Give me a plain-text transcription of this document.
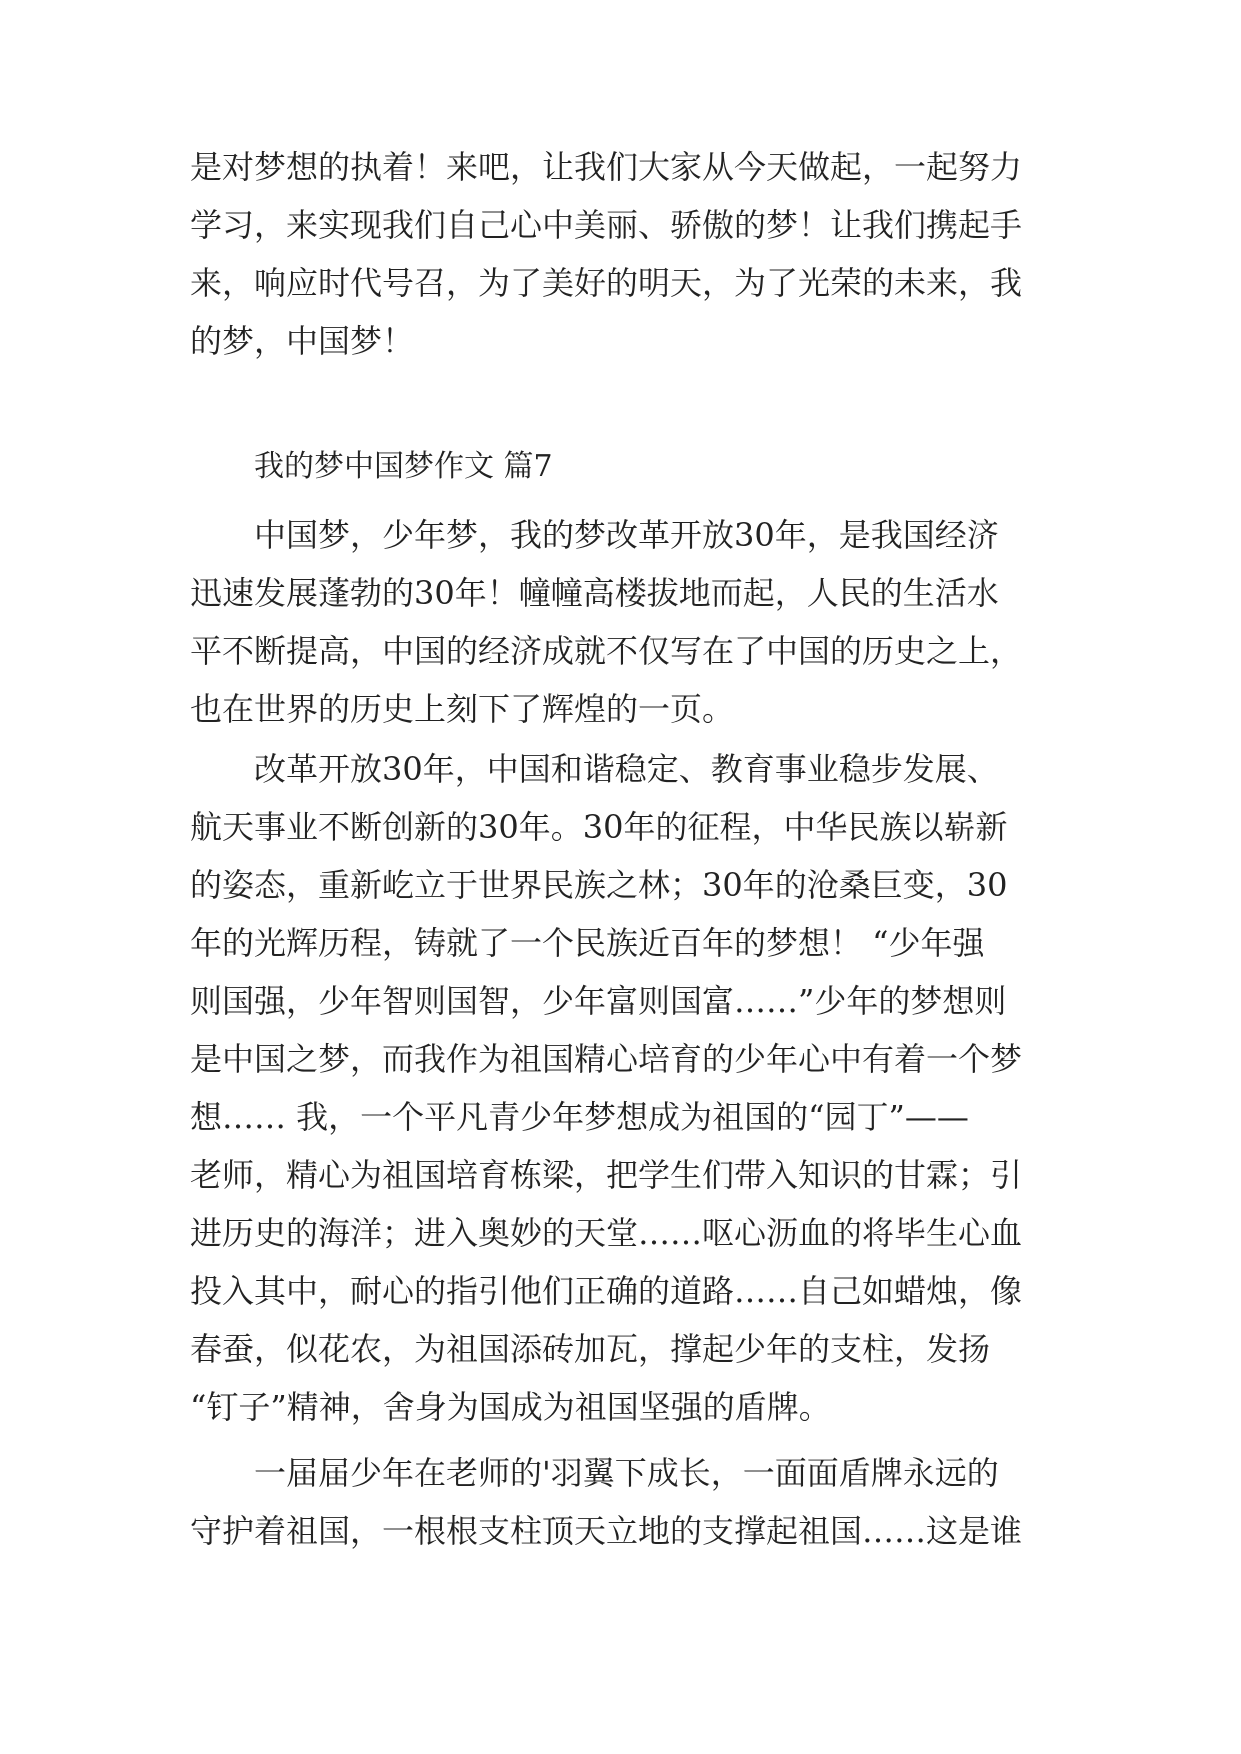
是对梦想的执着！来吧，让我们大家从今天做起，一起努力
学习，来实现我们自己心中美丽、骄傲的梦！让我们携起手
来，响应时代号召，为了美好的明天，为了光荣的未来，我
的梦，中国梦！
我的梦中国梦作文 篇7
中国梦，少年梦，我的梦改革开放30年，是我国经济
迅速发展蓬勃的30年！幢幢高楼拔地而起，人民的生活水
平不断提高，中国的经济成就不仅写在了中国的历史之上，
也在世界的历史上刻下了辉煌的一页。
改革开放30年，中国和谐稳定、教育事业稳步发展、
航天事业不断创新的30年。30年的征程，中华民族以崭新
的姿态，重新屹立于世界民族之林；30年的沧桑巨变，30
年的光辉历程，铸就了一个民族近百年的梦想！ “少年强
则国强，少年智则国智，少年富则国富……”少年的梦想则
是中国之梦，而我作为祖国精心培育的少年心中有着一个梦
想…… 我，一个平凡青少年梦想成为祖国的“园丁”——
老师，精心为祖国培育栋梁，把学生们带入知识的甘霖；引
进历史的海洋；进入奥妙的天堂……呕心沥血的将毕生心血
投入其中，耐心的指引他们正确的道路……自己如蜡烛，像
春蚕，似花农，为祖国添砖加瓦，撑起少年的支柱，发扬
“钉子”精神，舍身为国成为祖国坚强的盾牌。
一届届少年在老师的'羽翼下成长，一面面盾牌永远的
守护着祖国，一根根支柱顶天立地的支撑起祖国……这是谁
